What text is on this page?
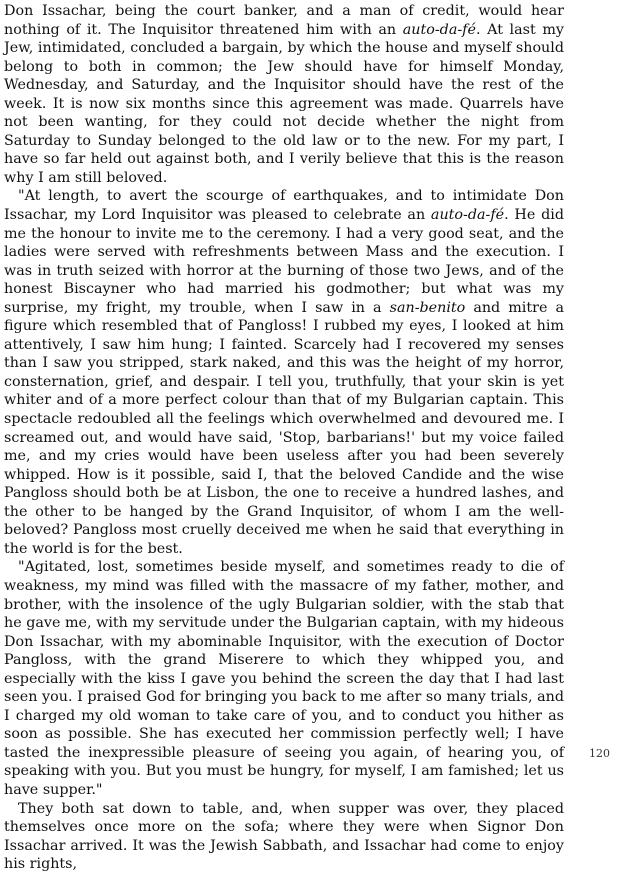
Don Issachar, being the court banker, and a man of credit, would hear nothing of it. The Inquisitor threatened him with an auto-da-fé. At last my Jew, intimidated, concluded a bargain, by which the house and myself should belong to both in common; the Jew should have for himself Monday, Wednesday, and Saturday, and the Inquisitor should have the rest of the week. It is now six months since this agreement was made. Quarrels have not been wanting, for they could not decide whether the night from Saturday to Sunday belonged to the old law or to the new. For my part, I have so far held out against both, and I verily believe that this is the reason why I am still beloved.

"At length, to avert the scourge of earthquakes, and to intimidate Don Issachar, my Lord Inquisitor was pleased to celebrate an auto-da-fé. He did me the honour to invite me to the ceremony. I had a very good seat, and the ladies were served with refreshments between Mass and the execution. I was in truth seized with horror at the burning of those two Jews, and of the honest Biscayner who had married his godmother; but what was my surprise, my fright, my trouble, when I saw in a san-benito and mitre a figure which resembled that of Pangloss! I rubbed my eyes, I looked at him attentively, I saw him hung; I fainted. Scarcely had I recovered my senses than I saw you stripped, stark naked, and this was the height of my horror, consternation, grief, and despair. I tell you, truthfully, that your skin is yet whiter and of a more perfect colour than that of my Bulgarian captain. This spectacle redoubled all the feelings which overwhelmed and devoured me. I screamed out, and would have said, 'Stop, barbarians!' but my voice failed me, and my cries would have been useless after you had been severely whipped. How is it possible, said I, that the beloved Candide and the wise Pangloss should both be at Lisbon, the one to receive a hundred lashes, and the other to be hanged by the Grand Inquisitor, of whom I am the well-beloved? Pangloss most cruelly deceived me when he said that everything in the world is for the best.

"Agitated, lost, sometimes beside myself, and sometimes ready to die of weakness, my mind was filled with the massacre of my father, mother, and brother, with the insolence of the ugly Bulgarian soldier, with the stab that he gave me, with my servitude under the Bulgarian captain, with my hideous Don Issachar, with my abominable Inquisitor, with the execution of Doctor Pangloss, with the grand Miserere to which they whipped you, and especially with the kiss I gave you behind the screen the day that I had last seen you. I praised God for bringing you back to me after so many trials, and I charged my old woman to take care of you, and to conduct you hither as soon as possible. She has executed her commission perfectly well; I have tasted the inexpressible pleasure of seeing you again, of hearing you, of speaking with you. But you must be hungry, for myself, I am famished; let us have supper."

They both sat down to table, and, when supper was over, they placed themselves once more on the sofa; where they were when Signor Don Issachar arrived. It was the Jewish Sabbath, and Issachar had come to enjoy his rights,

120
